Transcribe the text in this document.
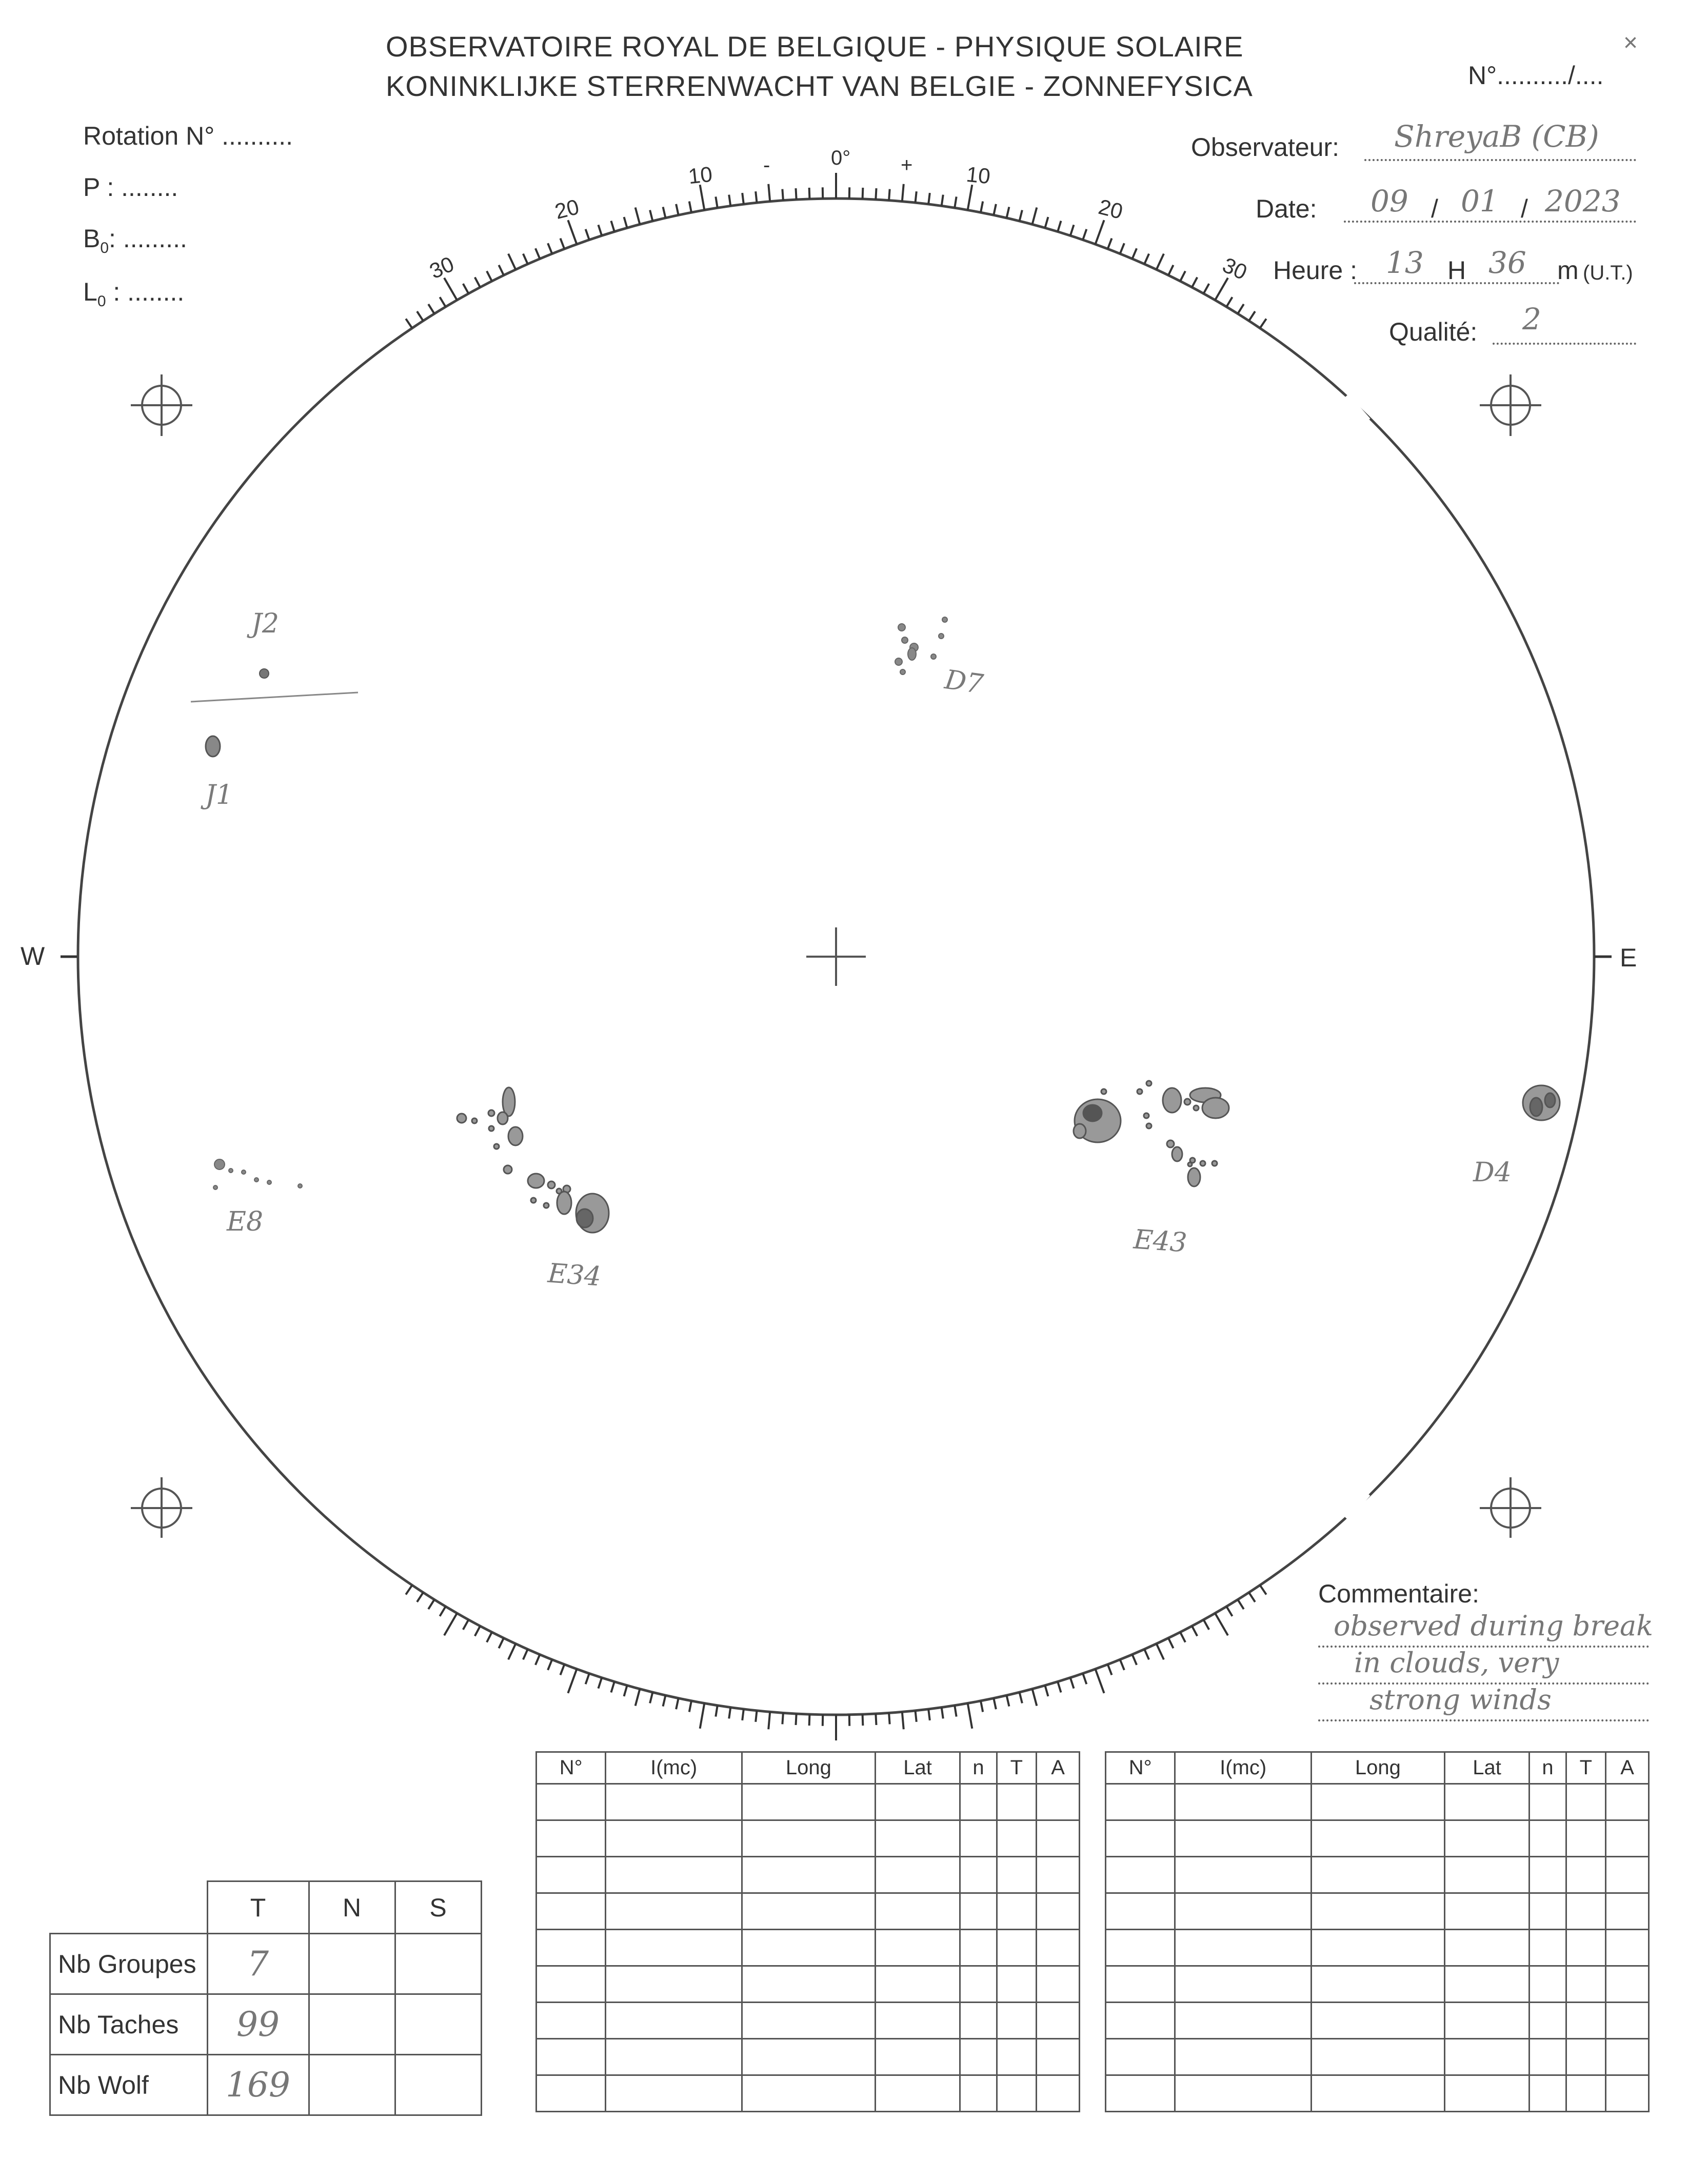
OBSERVATOIRE ROYAL DE BELGIQUE - PHYSIQUE SOLAIRE
KONINKLIJKE STERRENWACHT VAN BELGIE - ZONNEFYSICA	N°........../....
×
Rotation N° ..........
P : ........
$B_0$: .........
$L_0$ : ........
Observateur: ShreyaB (CB)
Date: 09 / 01 / 2023
Heure : 13 H 36 m (U.T.)
Qualité: 2
0°
-	+
10
20
30
10
20
30
W	E
J2
J1
D7
E8
E34
E43
D4
Commentaire:
observed during break
in clouds, very
strong winds
	T	N	S
Nb Groupes	7		
Nb Taches	99		
Nb Wolf	169		
N°	I(mc)	Long	Lat	n	T	A

							N°	I(mc)	Long	Lat	n	T	A
